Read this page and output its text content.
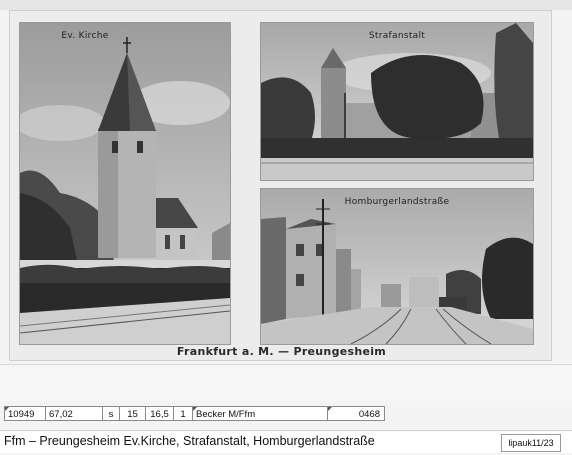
Ev. Kirche	Strafanstalt
Homburgerlandstraße
Frankfurt a. M. — Preungesheim
10949	67,02	s	15	16,5	1	Becker M/Ffm	0468
Ffm – Preungesheim Ev.Kirche, Strafanstalt, Homburgerlandstraße	lipauk11/23
